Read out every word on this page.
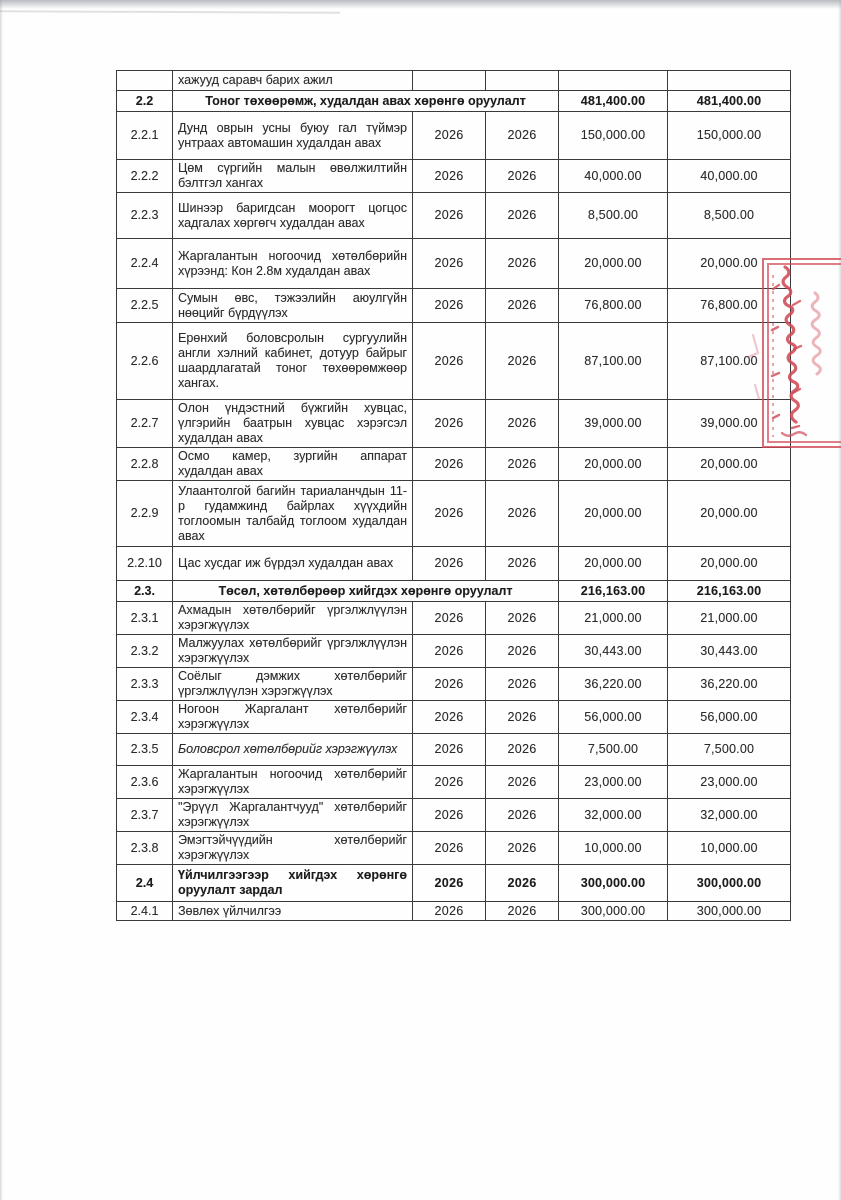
	хажууд саравч барих ажил				
2.2	Тоног төхөөрөмж, худалдан авах хөрөнгө оруулалт			481,400.00	481,400.00
2.2.1	Дунд оврын усны буюу гал түймэр унтраах автомашин худалдан авах	2026	2026	150,000.00	150,000.00
2.2.2	Цөм сүргийн малын өвөлжилтийн бэлтгэл хангах	2026	2026	40,000.00	40,000.00
2.2.3	Шинээр баригдсан моорогт цогцос хадгалах хөргөгч худалдан авах	2026	2026	8,500.00	8,500.00
2.2.4	Жаргалантын ногоочид хөтөлбөрийн хүрээнд: Кон 2.8м худалдан авах	2026	2026	20,000.00	20,000.00
2.2.5	Сумын өвс, тэжээлийн аюулгүйн нөөцийг бүрдүүлэх	2026	2026	76,800.00	76,800.00
2.2.6	Ерөнхий боловсролын сургуулийн англи хэлний кабинет, дотуур байрыг шаардлагатай тоног төхөөрөмжөөр хангах.	2026	2026	87,100.00	87,100.00
2.2.7	Олон үндэстний бүжгийн хувцас, үлгэрийн баатрын хувцас хэрэгсэл худалдан авах	2026	2026	39,000.00	39,000.00
2.2.8	Осмо камер, зургийн аппарат худалдан авах	2026	2026	20,000.00	20,000.00
2.2.9	Улаантолгой багийн тариаланчдын 11-р гудамжинд байрлах хүүхдийн тоглоомын талбайд тоглоом худалдан авах	2026	2026	20,000.00	20,000.00
2.2.10	Цас хусдаг иж бүрдэл худалдан авах	2026	2026	20,000.00	20,000.00
2.3.	Төсөл, хөтөлбөрөөр хийгдэх хөрөнгө оруулалт			216,163.00	216,163.00
2.3.1	Ахмадын хөтөлбөрийг үргэлжлүүлэн хэрэгжүүлэх	2026	2026	21,000.00	21,000.00
2.3.2	Малжуулах хөтөлбөрийг үргэлжлүүлэн хэрэгжүүлэх	2026	2026	30,443.00	30,443.00
2.3.3	Соёлыг дэмжих хөтөлбөрийг үргэлжлүүлэн хэрэгжүүлэх	2026	2026	36,220.00	36,220.00
2.3.4	Ногоон Жаргалант хөтөлбөрийг хэрэгжүүлэх	2026	2026	56,000.00	56,000.00
2.3.5	Боловсрол хөтөлбөрийг хэрэгжүүлэх	2026	2026	7,500.00	7,500.00
2.3.6	Жаргалантын ногоочид хөтөлбөрийг хэрэгжүүлэх	2026	2026	23,000.00	23,000.00
2.3.7	"Эрүүл Жаргалантчууд" хөтөлбөрийг хэрэгжүүлэх	2026	2026	32,000.00	32,000.00
2.3.8	Эмэгтэйчүүдийн хөтөлбөрийг хэрэгжүүлэх	2026	2026	10,000.00	10,000.00
2.4	Үйлчилгээгээр хийгдэх хөрөнгө оруулалт зардал	2026	2026	300,000.00	300,000.00
2.4.1	Зөвлөх үйлчилгээ	2026	2026	300,000.00	300,000.00
